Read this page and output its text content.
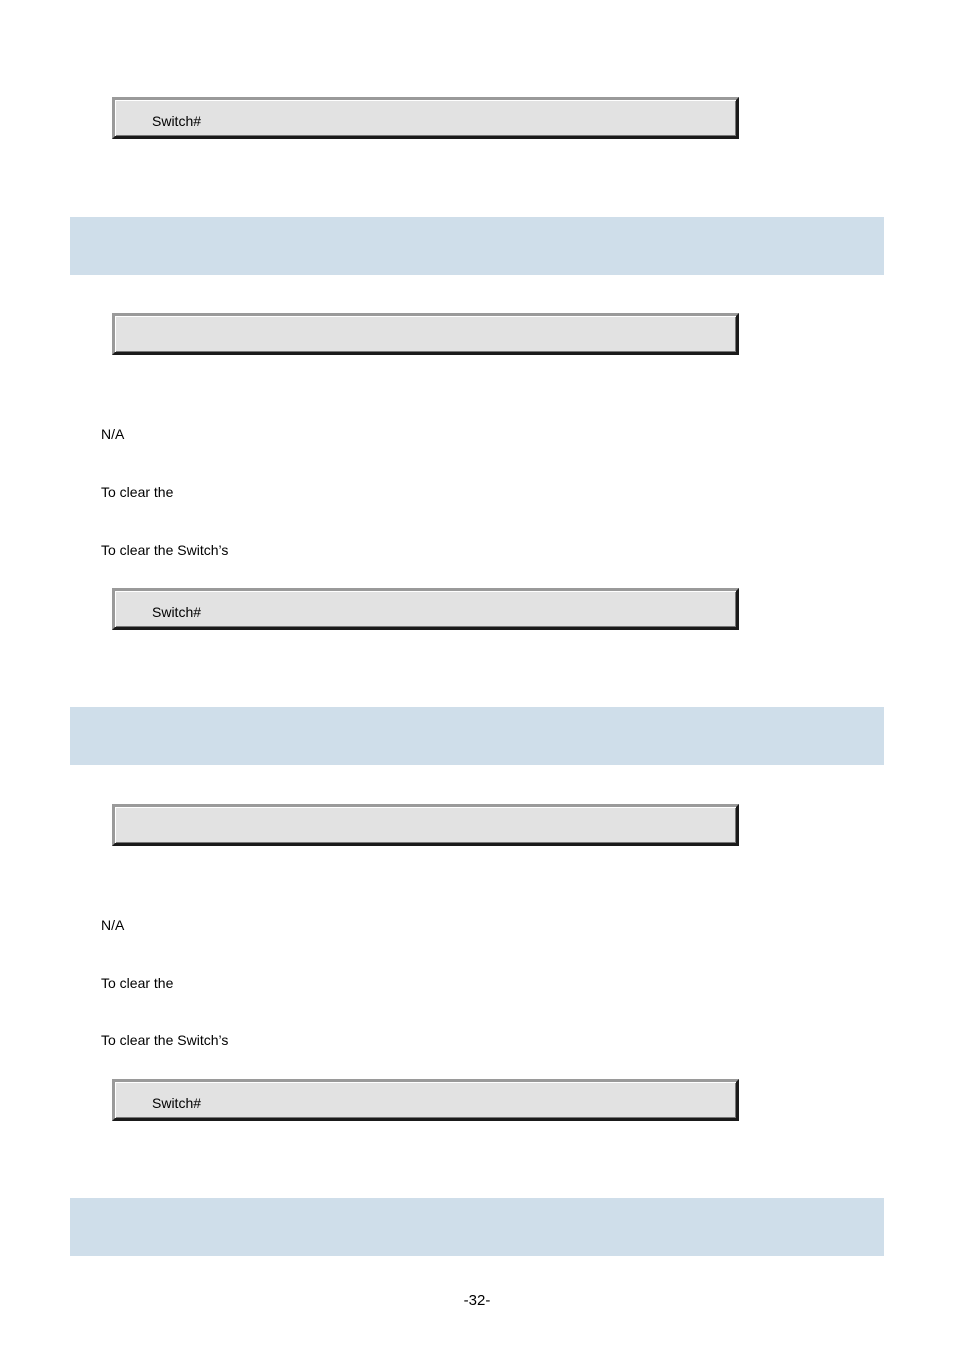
Switch#
N/A
To clear the
To clear the Switch’s
Switch#
N/A
To clear the
To clear the Switch’s
Switch#
-32-
